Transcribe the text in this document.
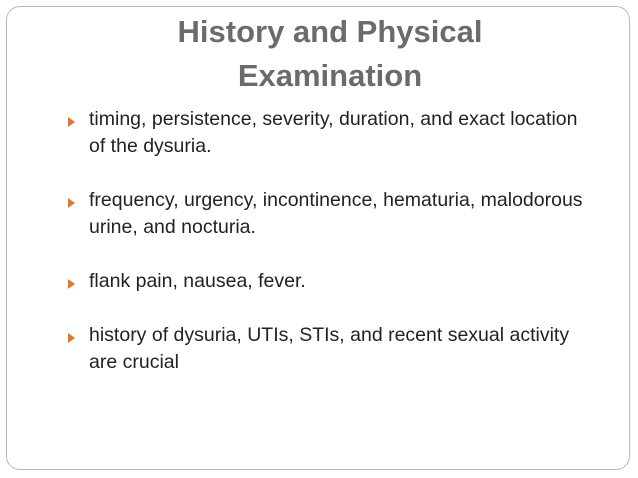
History and Physical
Examination
timing, persistence, severity, duration, and exact location of the dysuria.
frequency, urgency, incontinence, hematuria, malodorous urine, and nocturia.
flank pain, nausea, fever.
history of dysuria, UTIs, STIs, and recent sexual activity are crucial
